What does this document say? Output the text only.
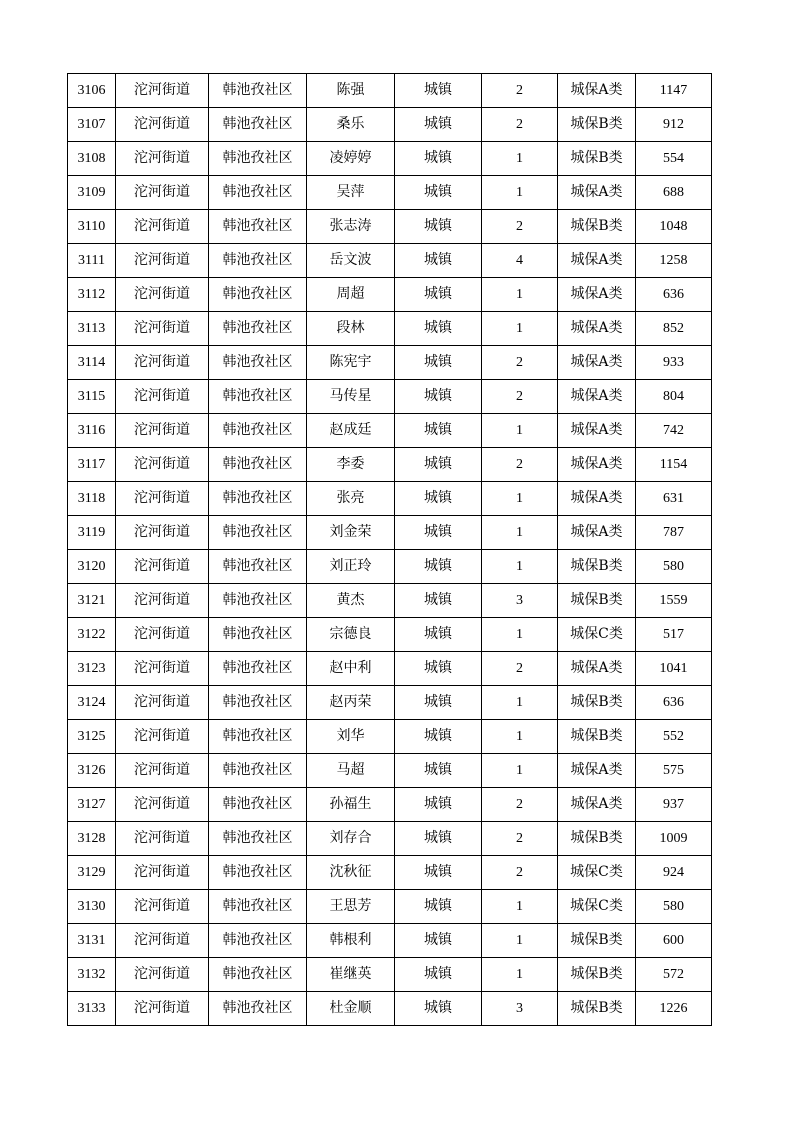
3106	沱河街道	韩池孜社区	陈强	城镇	2	城保A类	1147
3107	沱河街道	韩池孜社区	桑乐	城镇	2	城保B类	912
3108	沱河街道	韩池孜社区	凌婷婷	城镇	1	城保B类	554
3109	沱河街道	韩池孜社区	吴萍	城镇	1	城保A类	688
3110	沱河街道	韩池孜社区	张志涛	城镇	2	城保B类	1048
3111	沱河街道	韩池孜社区	岳文波	城镇	4	城保A类	1258
3112	沱河街道	韩池孜社区	周超	城镇	1	城保A类	636
3113	沱河街道	韩池孜社区	段林	城镇	1	城保A类	852
3114	沱河街道	韩池孜社区	陈宪宇	城镇	2	城保A类	933
3115	沱河街道	韩池孜社区	马传星	城镇	2	城保A类	804
3116	沱河街道	韩池孜社区	赵成廷	城镇	1	城保A类	742
3117	沱河街道	韩池孜社区	李委	城镇	2	城保A类	1154
3118	沱河街道	韩池孜社区	张亮	城镇	1	城保A类	631
3119	沱河街道	韩池孜社区	刘金荣	城镇	1	城保A类	787
3120	沱河街道	韩池孜社区	刘正玲	城镇	1	城保B类	580
3121	沱河街道	韩池孜社区	黄杰	城镇	3	城保B类	1559
3122	沱河街道	韩池孜社区	宗德良	城镇	1	城保C类	517
3123	沱河街道	韩池孜社区	赵中利	城镇	2	城保A类	1041
3124	沱河街道	韩池孜社区	赵丙荣	城镇	1	城保B类	636
3125	沱河街道	韩池孜社区	刘华	城镇	1	城保B类	552
3126	沱河街道	韩池孜社区	马超	城镇	1	城保A类	575
3127	沱河街道	韩池孜社区	孙福生	城镇	2	城保A类	937
3128	沱河街道	韩池孜社区	刘存合	城镇	2	城保B类	1009
3129	沱河街道	韩池孜社区	沈秋征	城镇	2	城保C类	924
3130	沱河街道	韩池孜社区	王思芳	城镇	1	城保C类	580
3131	沱河街道	韩池孜社区	韩根利	城镇	1	城保B类	600
3132	沱河街道	韩池孜社区	崔继英	城镇	1	城保B类	572
3133	沱河街道	韩池孜社区	杜金顺	城镇	3	城保B类	1226
